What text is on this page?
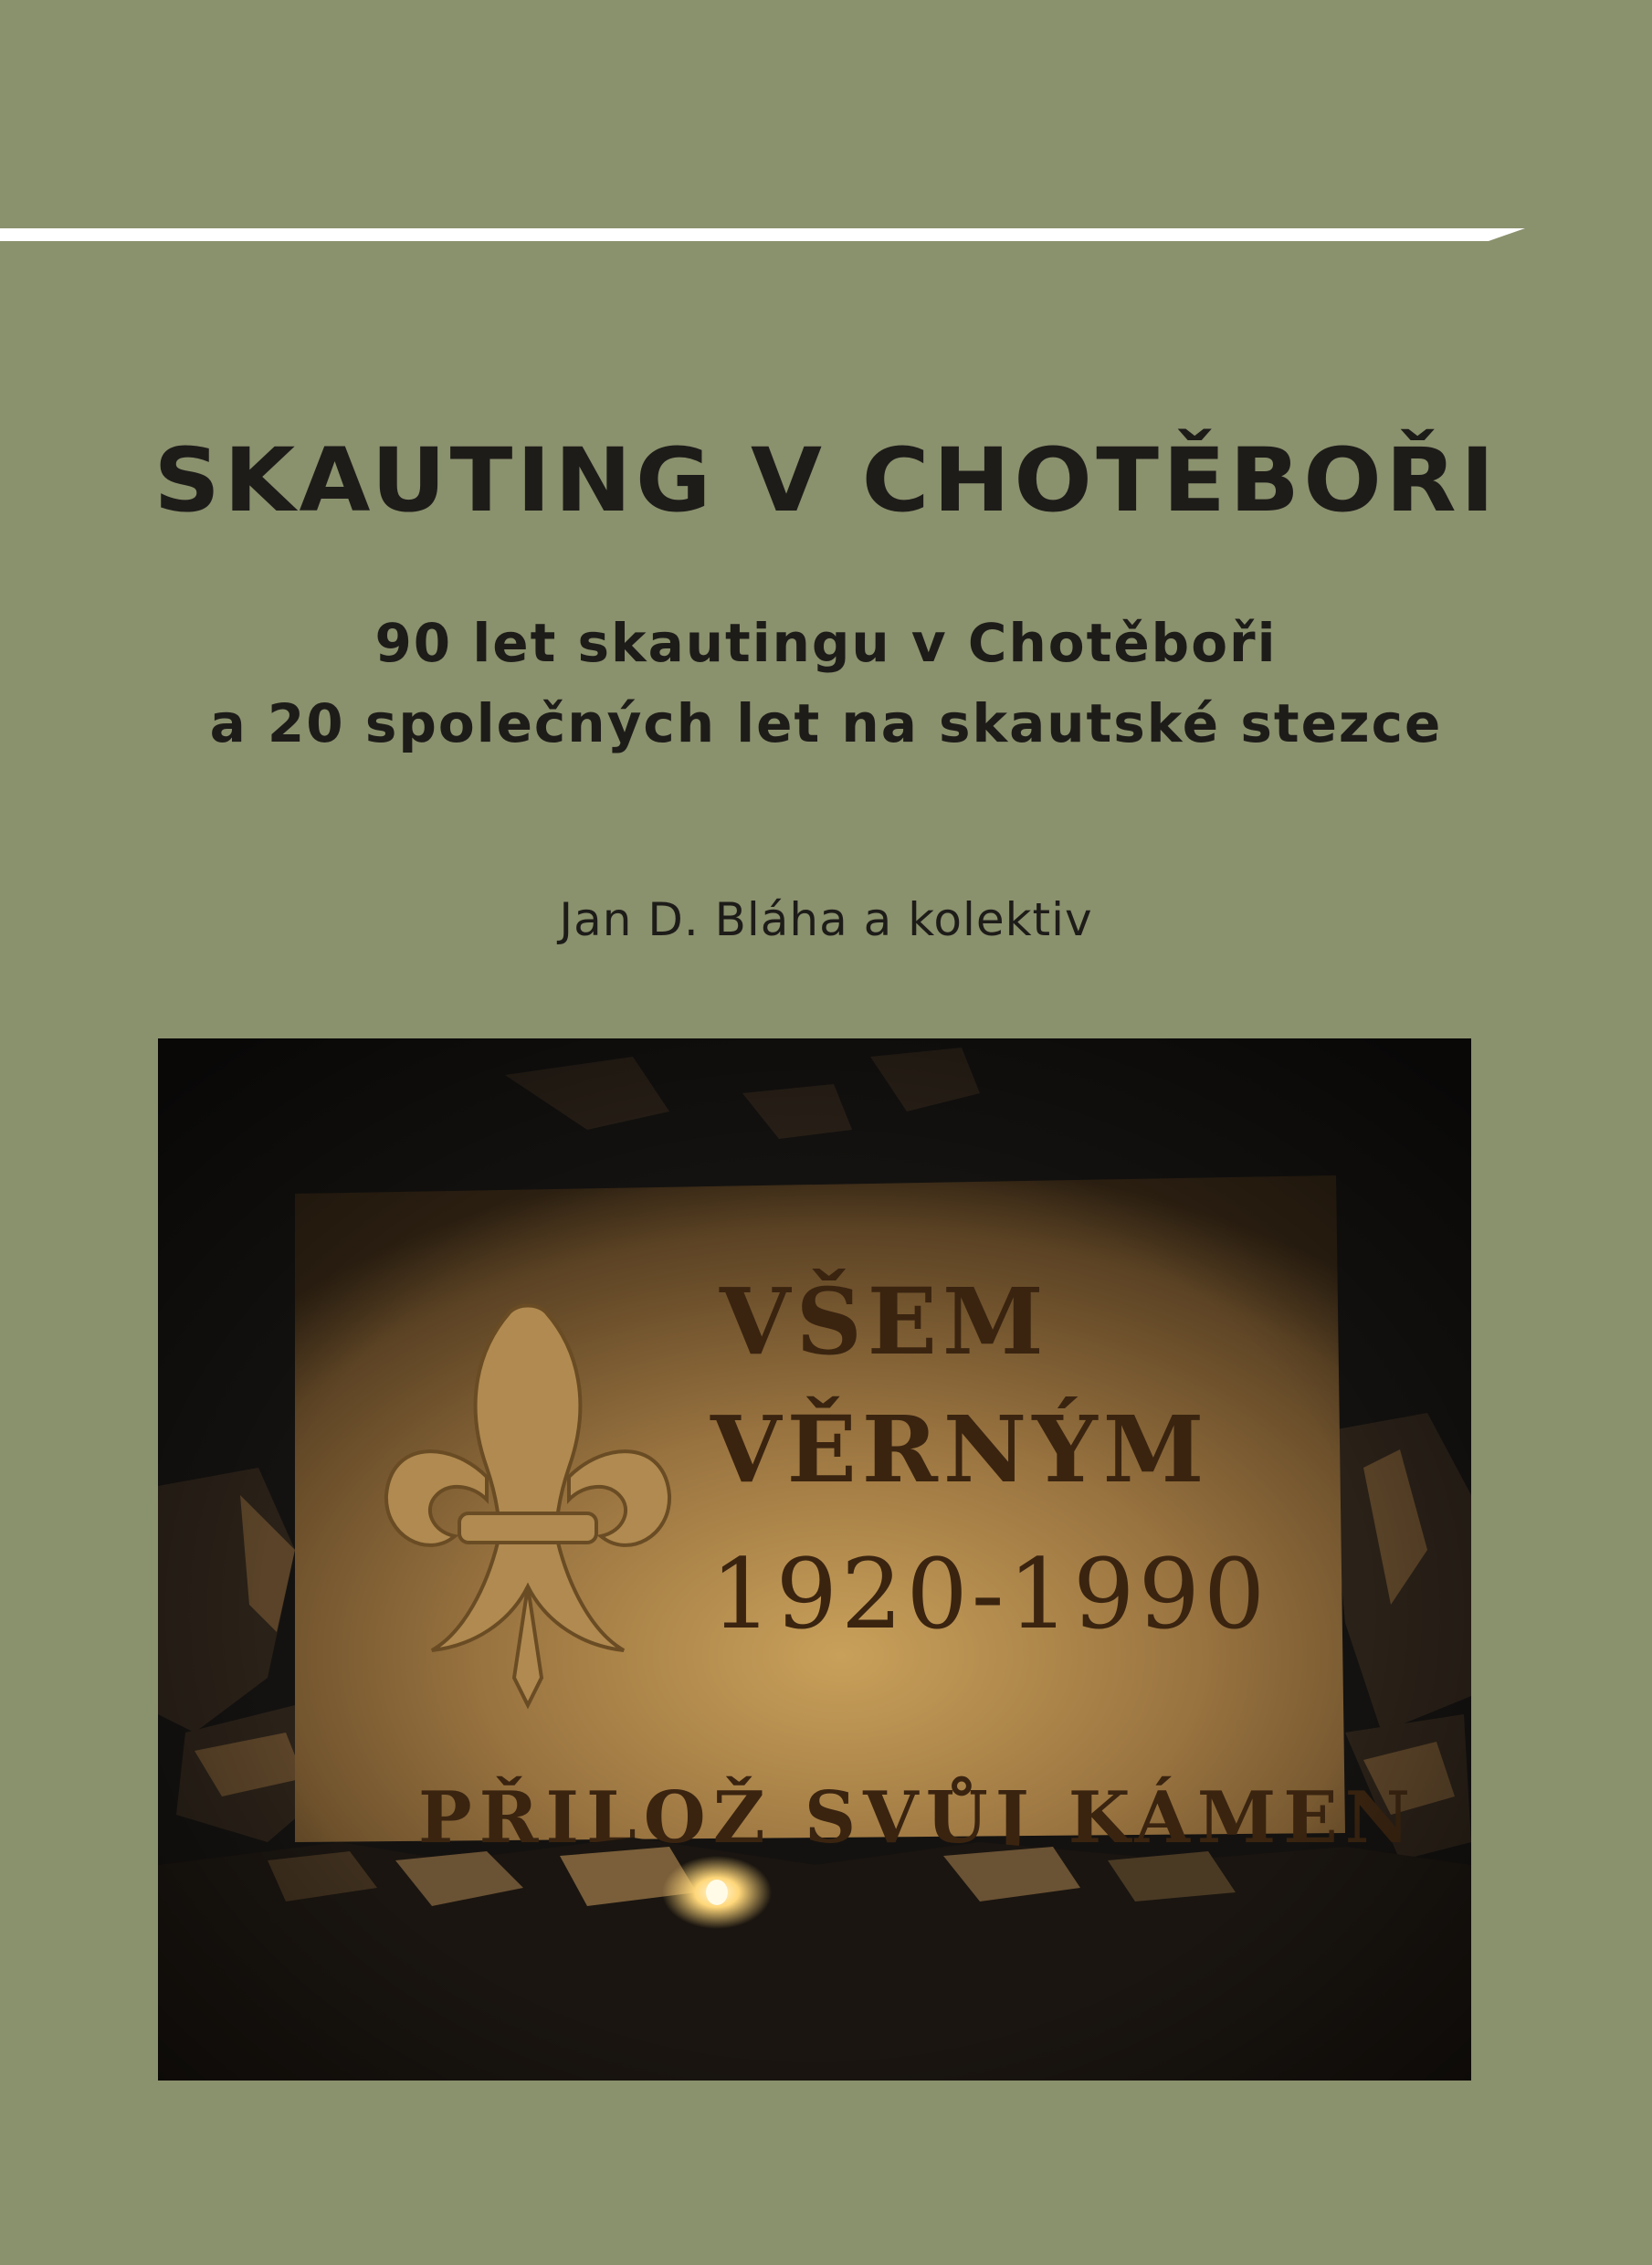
SKAUTING V CHOTĚBOŘI
90 let skautingu v Chotěboři
a 20 společných let na skautské stezce
Jan D. Bláha a kolektiv
